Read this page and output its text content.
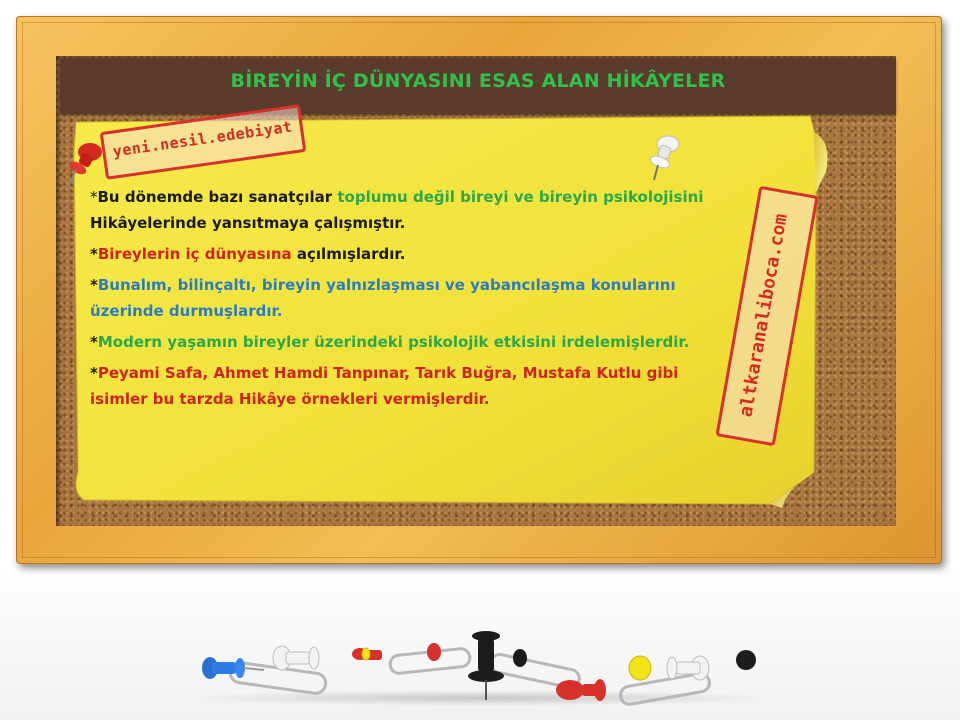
BİREYİN İÇ DÜNYASINI ESAS ALAN HİKÂYELER
yeni.nesil.edebiyat
altkaranaliboca.com

*Bu dönemde bazı sanatçılar toplumu değil bireyi ve bireyin psikolojisini Hikâyelerinde yansıtmaya çalışmıştır.

*Bireylerin iç dünyasına açılmışlardır.

*Bunalım, bilinçaltı, bireyin yalnızlaşması ve yabancılaşma konularını üzerinde durmuşlardır.

*Modern yaşamın bireyler üzerindeki psikolojik etkisini irdelemişlerdir.

*Peyami Safa, Ahmet Hamdi Tanpınar, Tarık Buğra, Mustafa Kutlu gibi isimler bu tarzda Hikâye örnekleri vermişlerdir.
